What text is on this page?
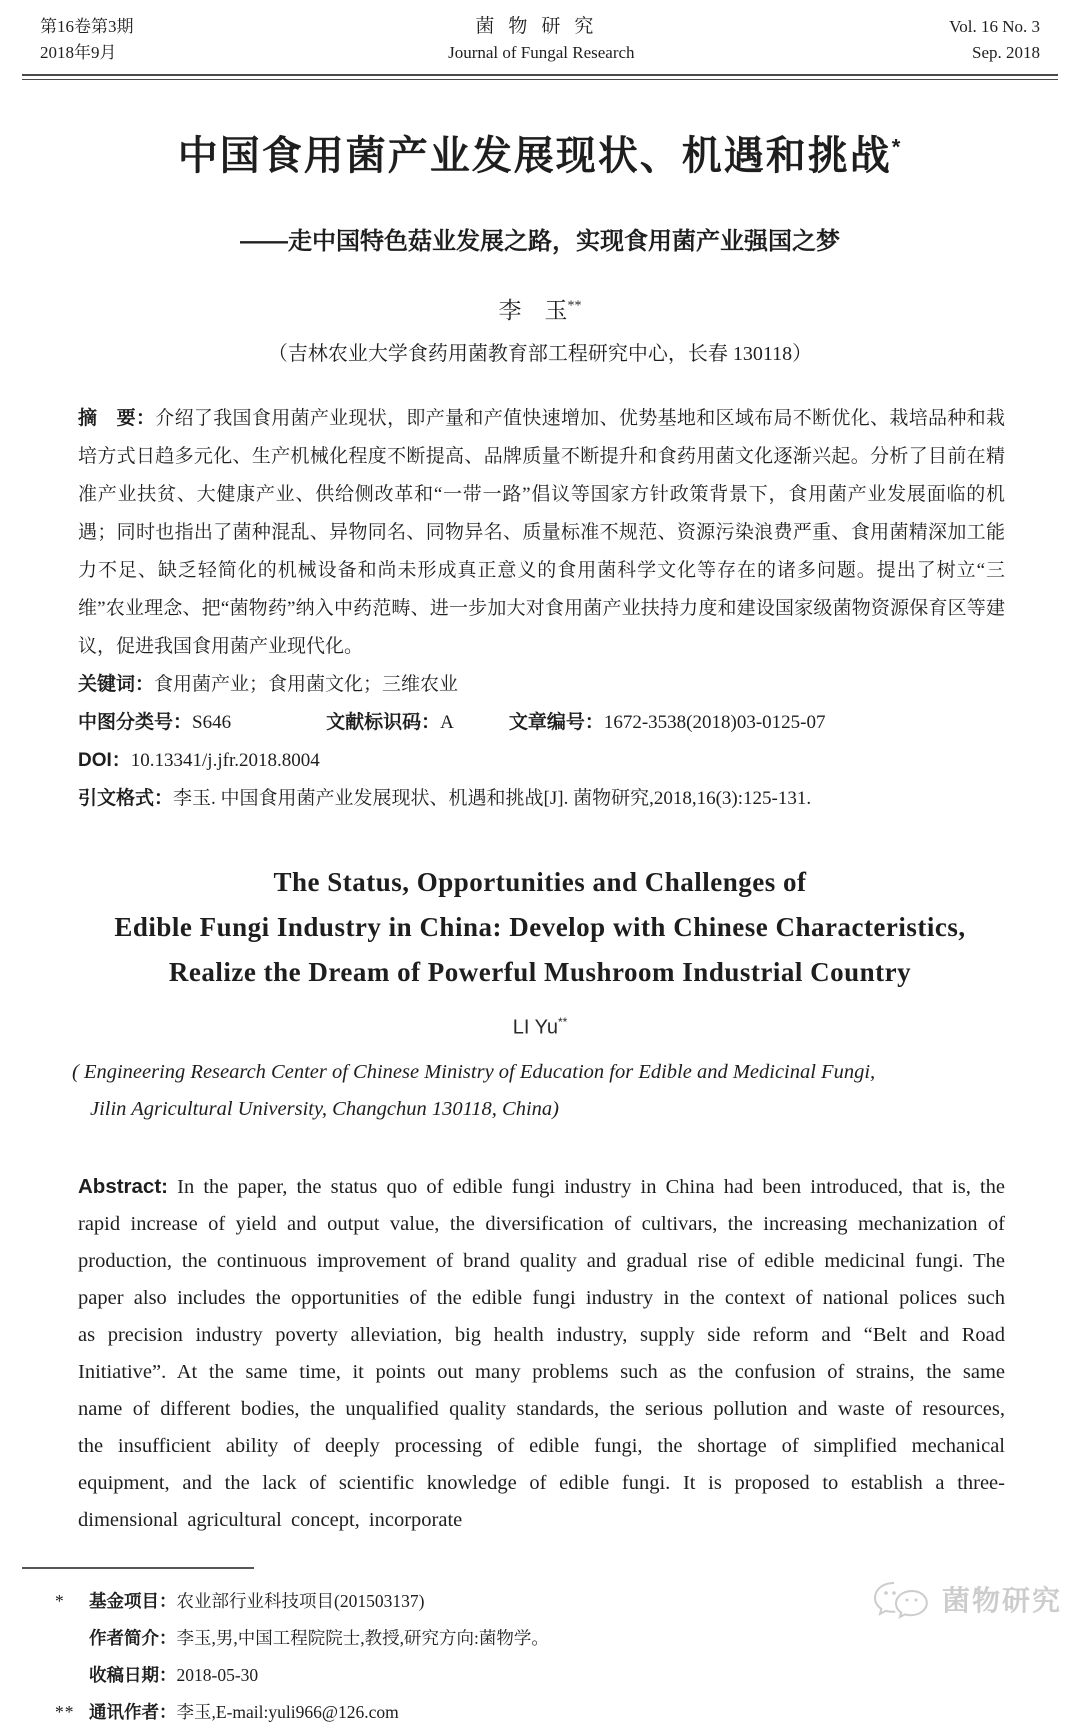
第16卷第3期
2018年9月
菌物研究
Journal of Fungal Research
Vol. 16 No. 3
Sep. 2018
中国食用菌产业发展现状、机遇和挑战*
——走中国特色菇业发展之路，实现食用菌产业强国之梦
李　玉**
（吉林农业大学食药用菌教育部工程研究中心，长春 130118）
摘　要：介绍了我国食用菌产业现状，即产量和产值快速增加、优势基地和区域布局不断优化、栽培品种和栽培方式日趋多元化、生产机械化程度不断提高、品牌质量不断提升和食药用菌文化逐渐兴起。分析了目前在精准产业扶贫、大健康产业、供给侧改革和“一带一路”倡议等国家方针政策背景下，食用菌产业发展面临的机遇；同时也指出了菌种混乱、异物同名、同物异名、质量标准不规范、资源污染浪费严重、食用菌精深加工能力不足、缺乏轻简化的机械设备和尚未形成真正意义的食用菌科学文化等存在的诸多问题。提出了树立“三维”农业理念、把“菌物药”纳入中药范畴、进一步加大对食用菌产业扶持力度和建设国家级菌物资源保育区等建议，促进我国食用菌产业现代化。
关键词：食用菌产业；食用菌文化；三维农业
中图分类号：S646	文献标识码：A	文章编号：1672-3538(2018)03-0125-07
DOI：10.13341/j.jfr.2018.8004
引文格式：李玉. 中国食用菌产业发展现状、机遇和挑战[J]. 菌物研究,2018,16(3):125-131.
The Status, Opportunities and Challenges of
Edible Fungi Industry in China: Develop with Chinese Characteristics,
Realize the Dream of Powerful Mushroom Industrial Country
LI Yu**
( Engineering Research Center of Chinese Ministry of Education for Edible and Medicinal Fungi,
Jilin Agricultural University, Changchun 130118, China)
Abstract: In the paper, the status quo of edible fungi industry in China had been introduced, that is, the rapid increase of yield and output value, the diversification of cultivars, the increasing mechanization of production, the continuous improvement of brand quality and gradual rise of edible medicinal fungi. The paper also includes the opportunities of the edible fungi industry in the context of national polices such as precision industry poverty alleviation, big health industry, supply side reform and “Belt and Road Initiative”. At the same time, it points out many problems such as the confusion of strains, the same name of different bodies, the unqualified quality standards, the serious pollution and waste of resources, the insufficient ability of deeply processing of edible fungi, the shortage of simplified mechanical equipment, and the lack of scientific knowledge of edible fungi. It is proposed to establish a three-dimensional agricultural concept, incorporate
*	基金项目：农业部行业科技项目(201503137)
作者简介：李玉,男,中国工程院院士,教授,研究方向:菌物学。
收稿日期：2018-05-30
** 通讯作者：李玉,E-mail:yuli966@126.com
菌物研究
